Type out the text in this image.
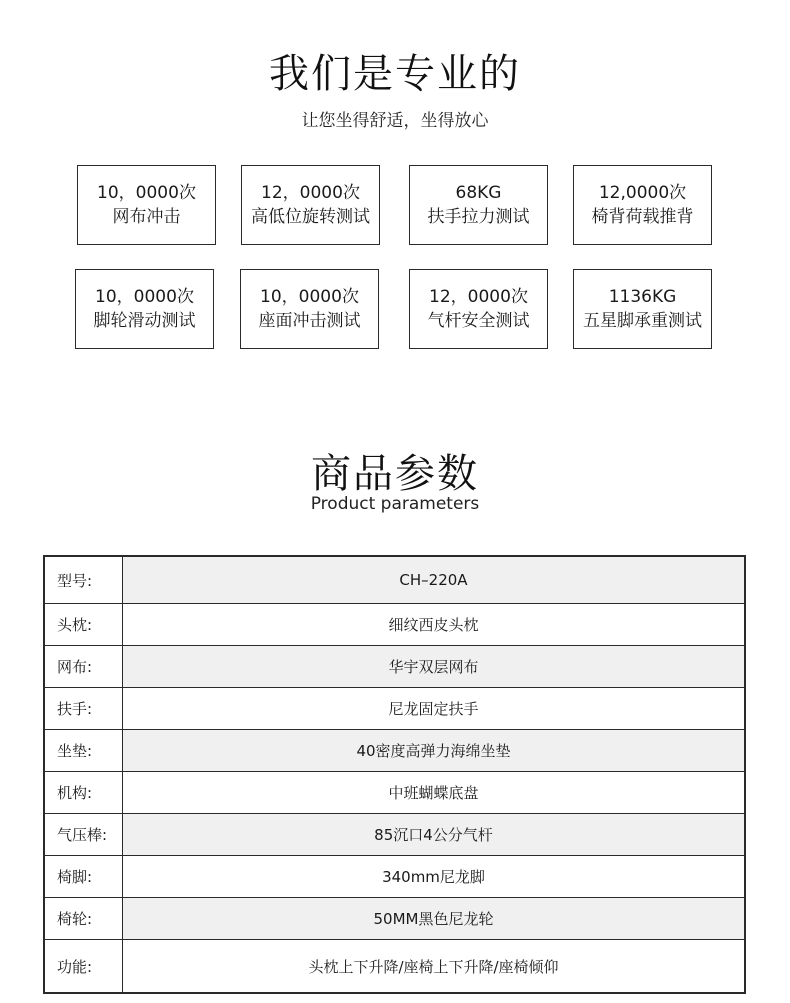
我们是专业的
让您坐得舒适，坐得放心
10，0000次
网布冲击
12，0000次
高低位旋转测试
68KG
扶手拉力测试
12,0000次
椅背荷载推背
10，0000次
脚轮滑动测试
10，0000次
座面冲击测试
12，0000次
气杆安全测试
1136KG
五星脚承重测试
商品参数
Product parameters
型号:	CH–220A
头枕:	细纹西皮头枕
网布:	华宇双层网布
扶手:	尼龙固定扶手
坐垫:	40密度高弹力海绵坐垫
机构:	中班蝴蝶底盘
气压棒:	85沉口4公分气杆
椅脚:	340mm尼龙脚
椅轮:	50MM黑色尼龙轮
功能:	头枕上下升降/座椅上下升降/座椅倾仰
